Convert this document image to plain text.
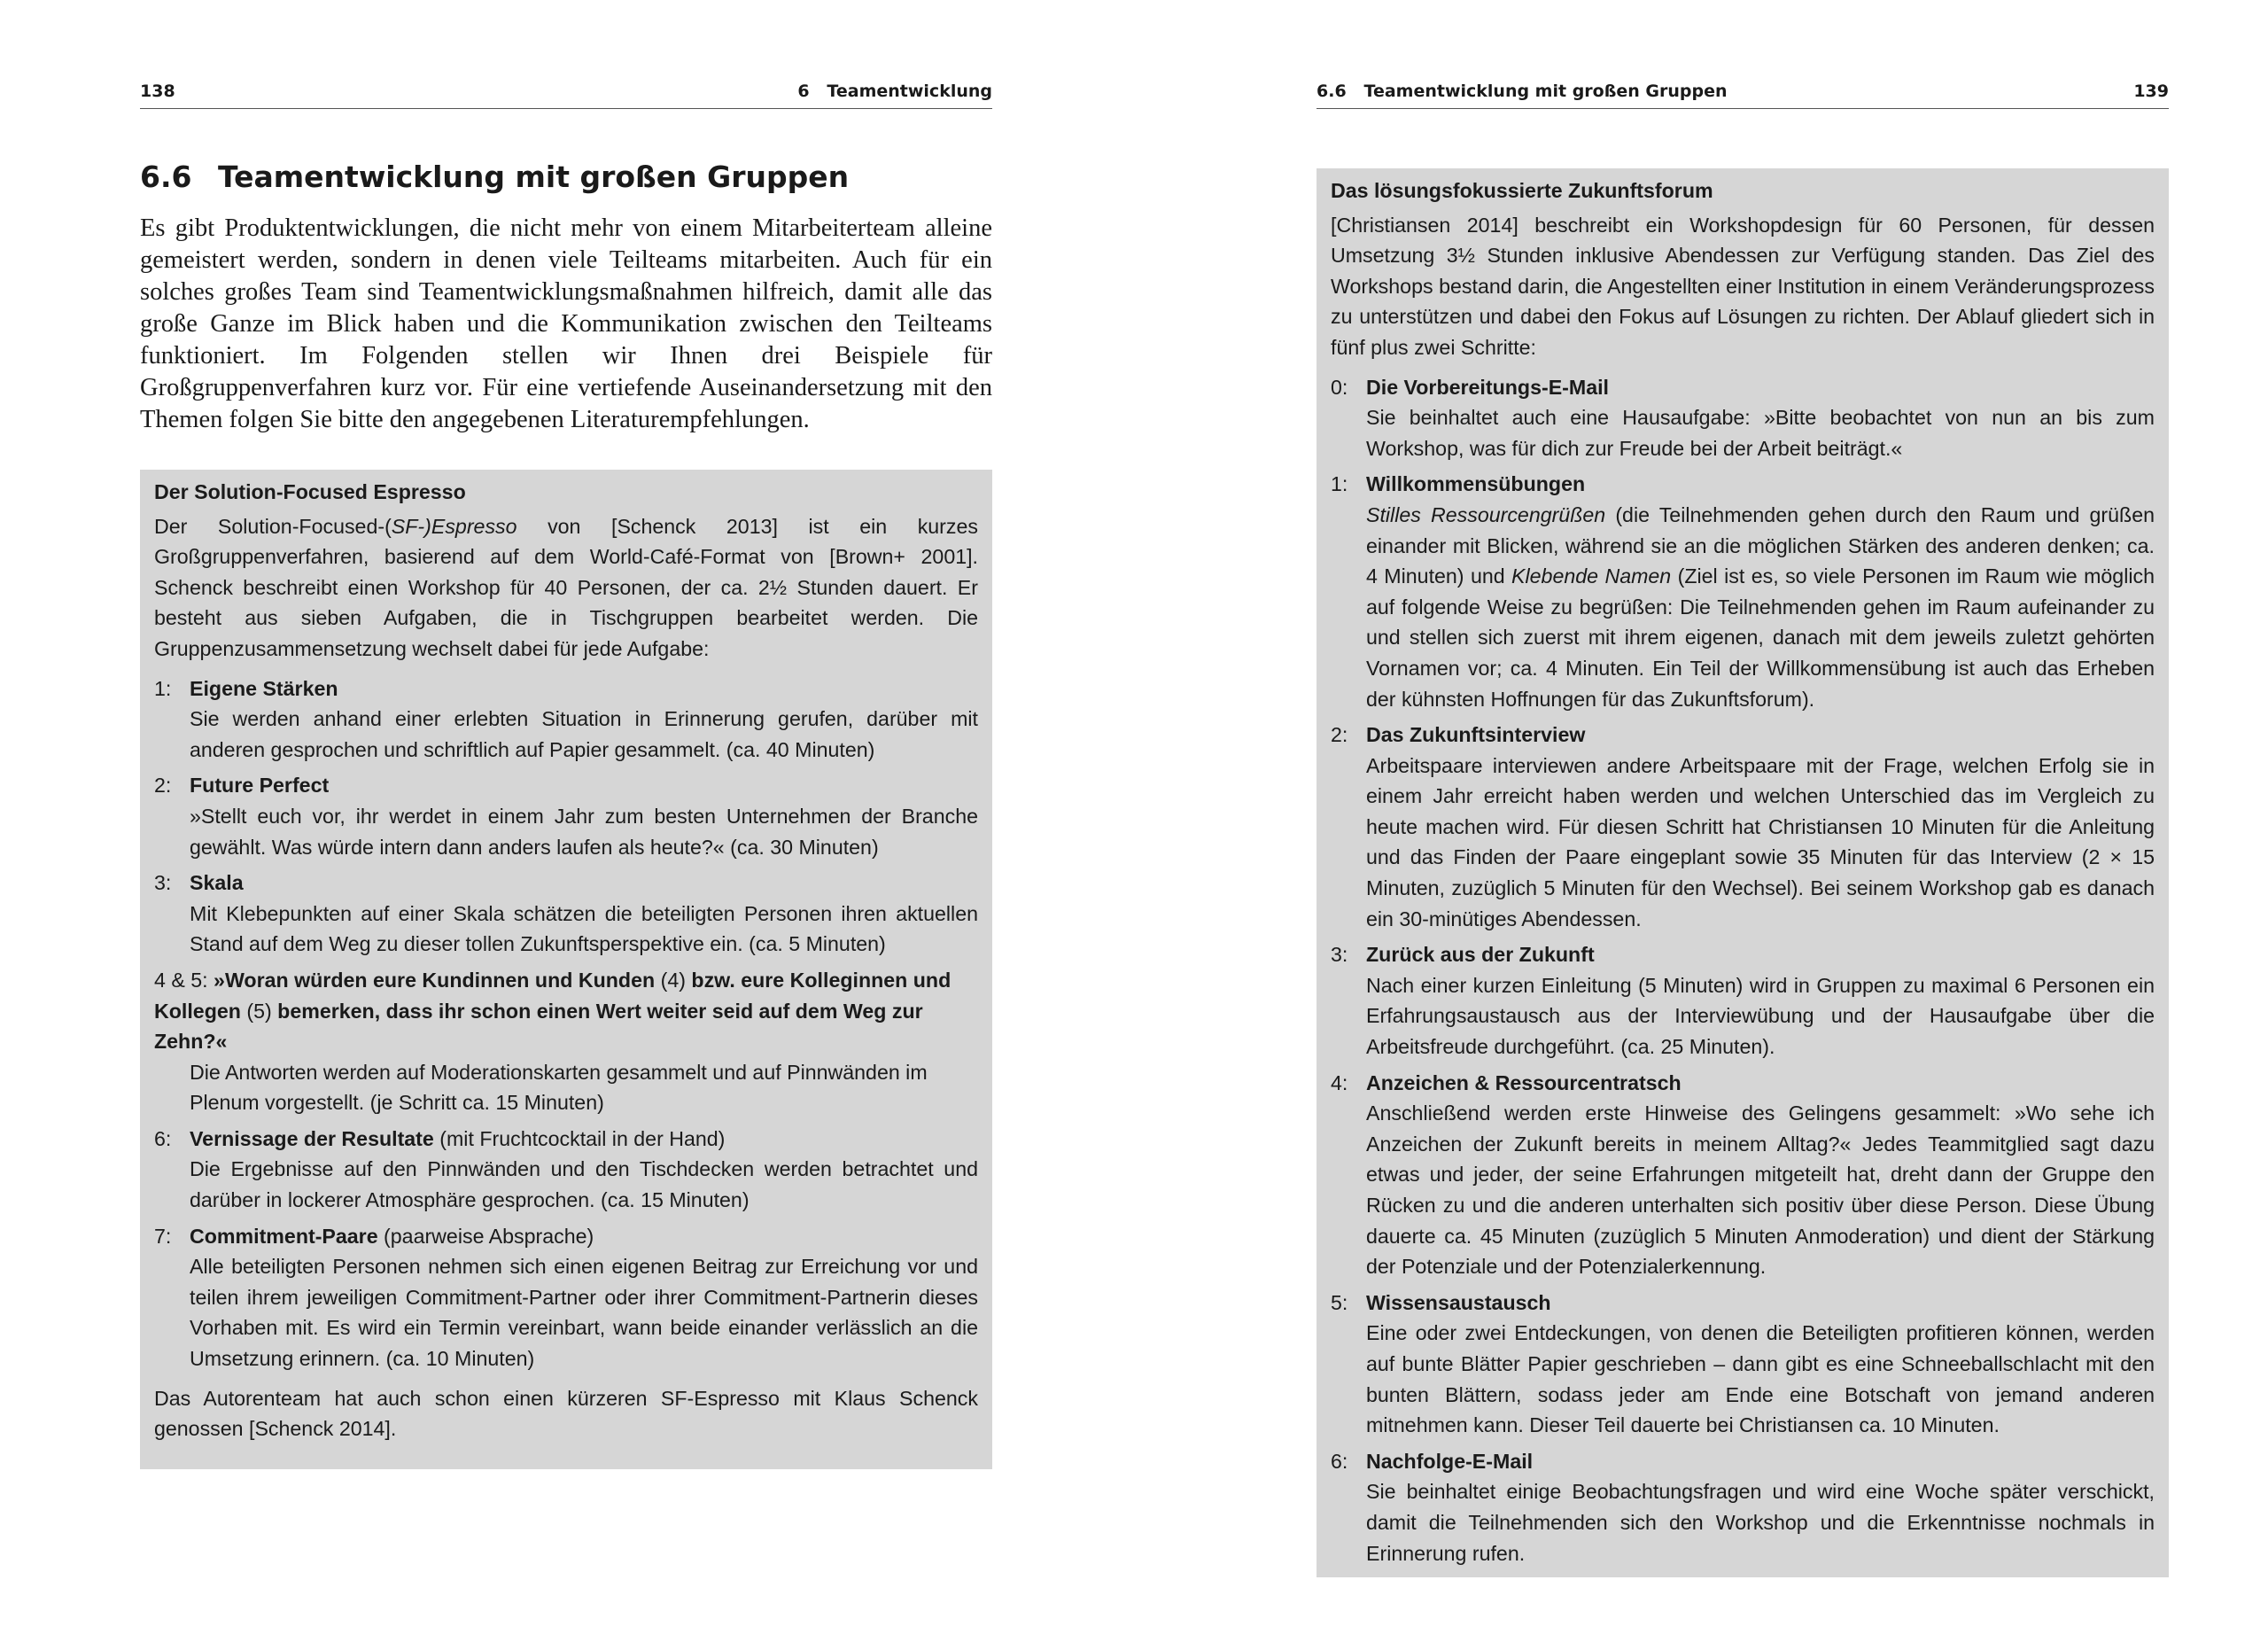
138	6   Teamentwicklung
6.6 Teamentwicklung mit großen Gruppen

Es gibt Produktentwicklungen, die nicht mehr von einem Mitarbeiterteam alleine gemeistert werden, sondern in denen viele Teilteams mitarbeiten. Auch für ein solches großes Team sind Teamentwicklungsmaßnahmen hilfreich, damit alle das große Ganze im Blick haben und die Kommunikation zwischen den Teilteams funktioniert. Im Folgenden stellen wir Ihnen drei Beispiele für Großgruppenverfahren kurz vor. Für eine vertiefende Auseinandersetzung mit den Themen folgen Sie bitte den angegebenen Literaturempfehlungen.

Der Solution-Focused Espresso

Der Solution-Focused-(SF-)Espresso von [Schenck 2013] ist ein kurzes Großgruppenverfahren, basierend auf dem World-Café-Format von [Brown+ 2001]. Schenck beschreibt einen Workshop für 40 Personen, der ca. 2½ Stunden dauert. Er besteht aus sieben Aufgaben, die in Tischgruppen bearbeitet werden. Die Gruppenzusammensetzung wechselt dabei für jede Aufgabe:

1: Eigene Stärken
Sie werden anhand einer erlebten Situation in Erinnerung gerufen, darüber mit anderen gesprochen und schriftlich auf Papier gesammelt. (ca. 40 Minuten)
2: Future Perfect
»Stellt euch vor, ihr werdet in einem Jahr zum besten Unternehmen der Branche gewählt. Was würde intern dann anders laufen als heute?« (ca. 30 Minuten)
3: Skala
Mit Klebepunkten auf einer Skala schätzen die beteiligten Personen ihren aktuellen Stand auf dem Weg zu dieser tollen Zukunftsperspektive ein. (ca. 5 Minuten)
4 & 5: »Woran würden eure Kundinnen und Kunden (4) bzw. eure Kolleginnen und Kollegen (5) bemerken, dass ihr schon einen Wert weiter seid auf dem Weg zur Zehn?«
Die Antworten werden auf Moderationskarten gesammelt und auf Pinnwänden im Plenum vorgestellt. (je Schritt ca. 15 Minuten)
6: Vernissage der Resultate (mit Fruchtcocktail in der Hand)
Die Ergebnisse auf den Pinnwänden und den Tischdecken werden betrachtet und darüber in lockerer Atmosphäre gesprochen. (ca. 15 Minuten)
7: Commitment-Paare (paarweise Absprache)
Alle beteiligten Personen nehmen sich einen eigenen Beitrag zur Erreichung vor und teilen ihrem jeweiligen Commitment-Partner oder ihrer Commitment-Partnerin dieses Vorhaben mit. Es wird ein Termin vereinbart, wann beide einander verlässlich an die Umsetzung erinnern. (ca. 10 Minuten)

Das Autorenteam hat auch schon einen kürzeren SF-Espresso mit Klaus Schenck genossen [Schenck 2014].

6.6   Teamentwicklung mit großen Gruppen	139

Das lösungsfokussierte Zukunftsforum

[Christiansen 2014] beschreibt ein Workshopdesign für 60 Personen, für dessen Umsetzung 3½ Stunden inklusive Abendessen zur Verfügung standen. Das Ziel des Workshops bestand darin, die Angestellten einer Institution in einem Veränderungsprozess zu unterstützen und dabei den Fokus auf Lösungen zu richten. Der Ablauf gliedert sich in fünf plus zwei Schritte:

0: Die Vorbereitungs-E-Mail
Sie beinhaltet auch eine Hausaufgabe: »Bitte beobachtet von nun an bis zum Workshop, was für dich zur Freude bei der Arbeit beiträgt.«
1: Willkommensübungen
Stilles Ressourcengrüßen (die Teilnehmenden gehen durch den Raum und grüßen einander mit Blicken, während sie an die möglichen Stärken des anderen denken; ca. 4 Minuten) und Klebende Namen (Ziel ist es, so viele Personen im Raum wie möglich auf folgende Weise zu begrüßen: Die Teilnehmenden gehen im Raum aufeinander zu und stellen sich zuerst mit ihrem eigenen, danach mit dem jeweils zuletzt gehörten Vornamen vor; ca. 4 Minuten. Ein Teil der Willkommensübung ist auch das Erheben der kühnsten Hoffnungen für das Zukunftsforum).
2: Das Zukunftsinterview
Arbeitspaare interviewen andere Arbeitspaare mit der Frage, welchen Erfolg sie in einem Jahr erreicht haben werden und welchen Unterschied das im Vergleich zu heute machen wird. Für diesen Schritt hat Christiansen 10 Minuten für die Anleitung und das Finden der Paare eingeplant sowie 35 Minuten für das Interview (2 × 15 Minuten, zuzüglich 5 Minuten für den Wechsel). Bei seinem Workshop gab es danach ein 30-minütiges Abendessen.
3: Zurück aus der Zukunft
Nach einer kurzen Einleitung (5 Minuten) wird in Gruppen zu maximal 6 Personen ein Erfahrungsaustausch aus der Interviewübung und der Hausaufgabe über die Arbeitsfreude durchgeführt. (ca. 25 Minuten).
4: Anzeichen & Ressourcentratsch
Anschließend werden erste Hinweise des Gelingens gesammelt: »Wo sehe ich Anzeichen der Zukunft bereits in meinem Alltag?« Jedes Teammitglied sagt dazu etwas und jeder, der seine Erfahrungen mitgeteilt hat, dreht dann der Gruppe den Rücken zu und die anderen unterhalten sich positiv über diese Person. Diese Übung dauerte ca. 45 Minuten (zuzüglich 5 Minuten Anmoderation) und dient der Stärkung der Potenziale und der Potenzialerkennung.
5: Wissensaustausch
Eine oder zwei Entdeckungen, von denen die Beteiligten profitieren können, werden auf bunte Blätter Papier geschrieben – dann gibt es eine Schneeballschlacht mit den bunten Blättern, sodass jeder am Ende eine Botschaft von jemand anderen mitnehmen kann. Dieser Teil dauerte bei Christiansen ca. 10 Minuten.
6: Nachfolge-E-Mail
Sie beinhaltet einige Beobachtungsfragen und wird eine Woche später verschickt, damit die Teilnehmenden sich den Workshop und die Erkenntnisse nochmals in Erinnerung rufen.
